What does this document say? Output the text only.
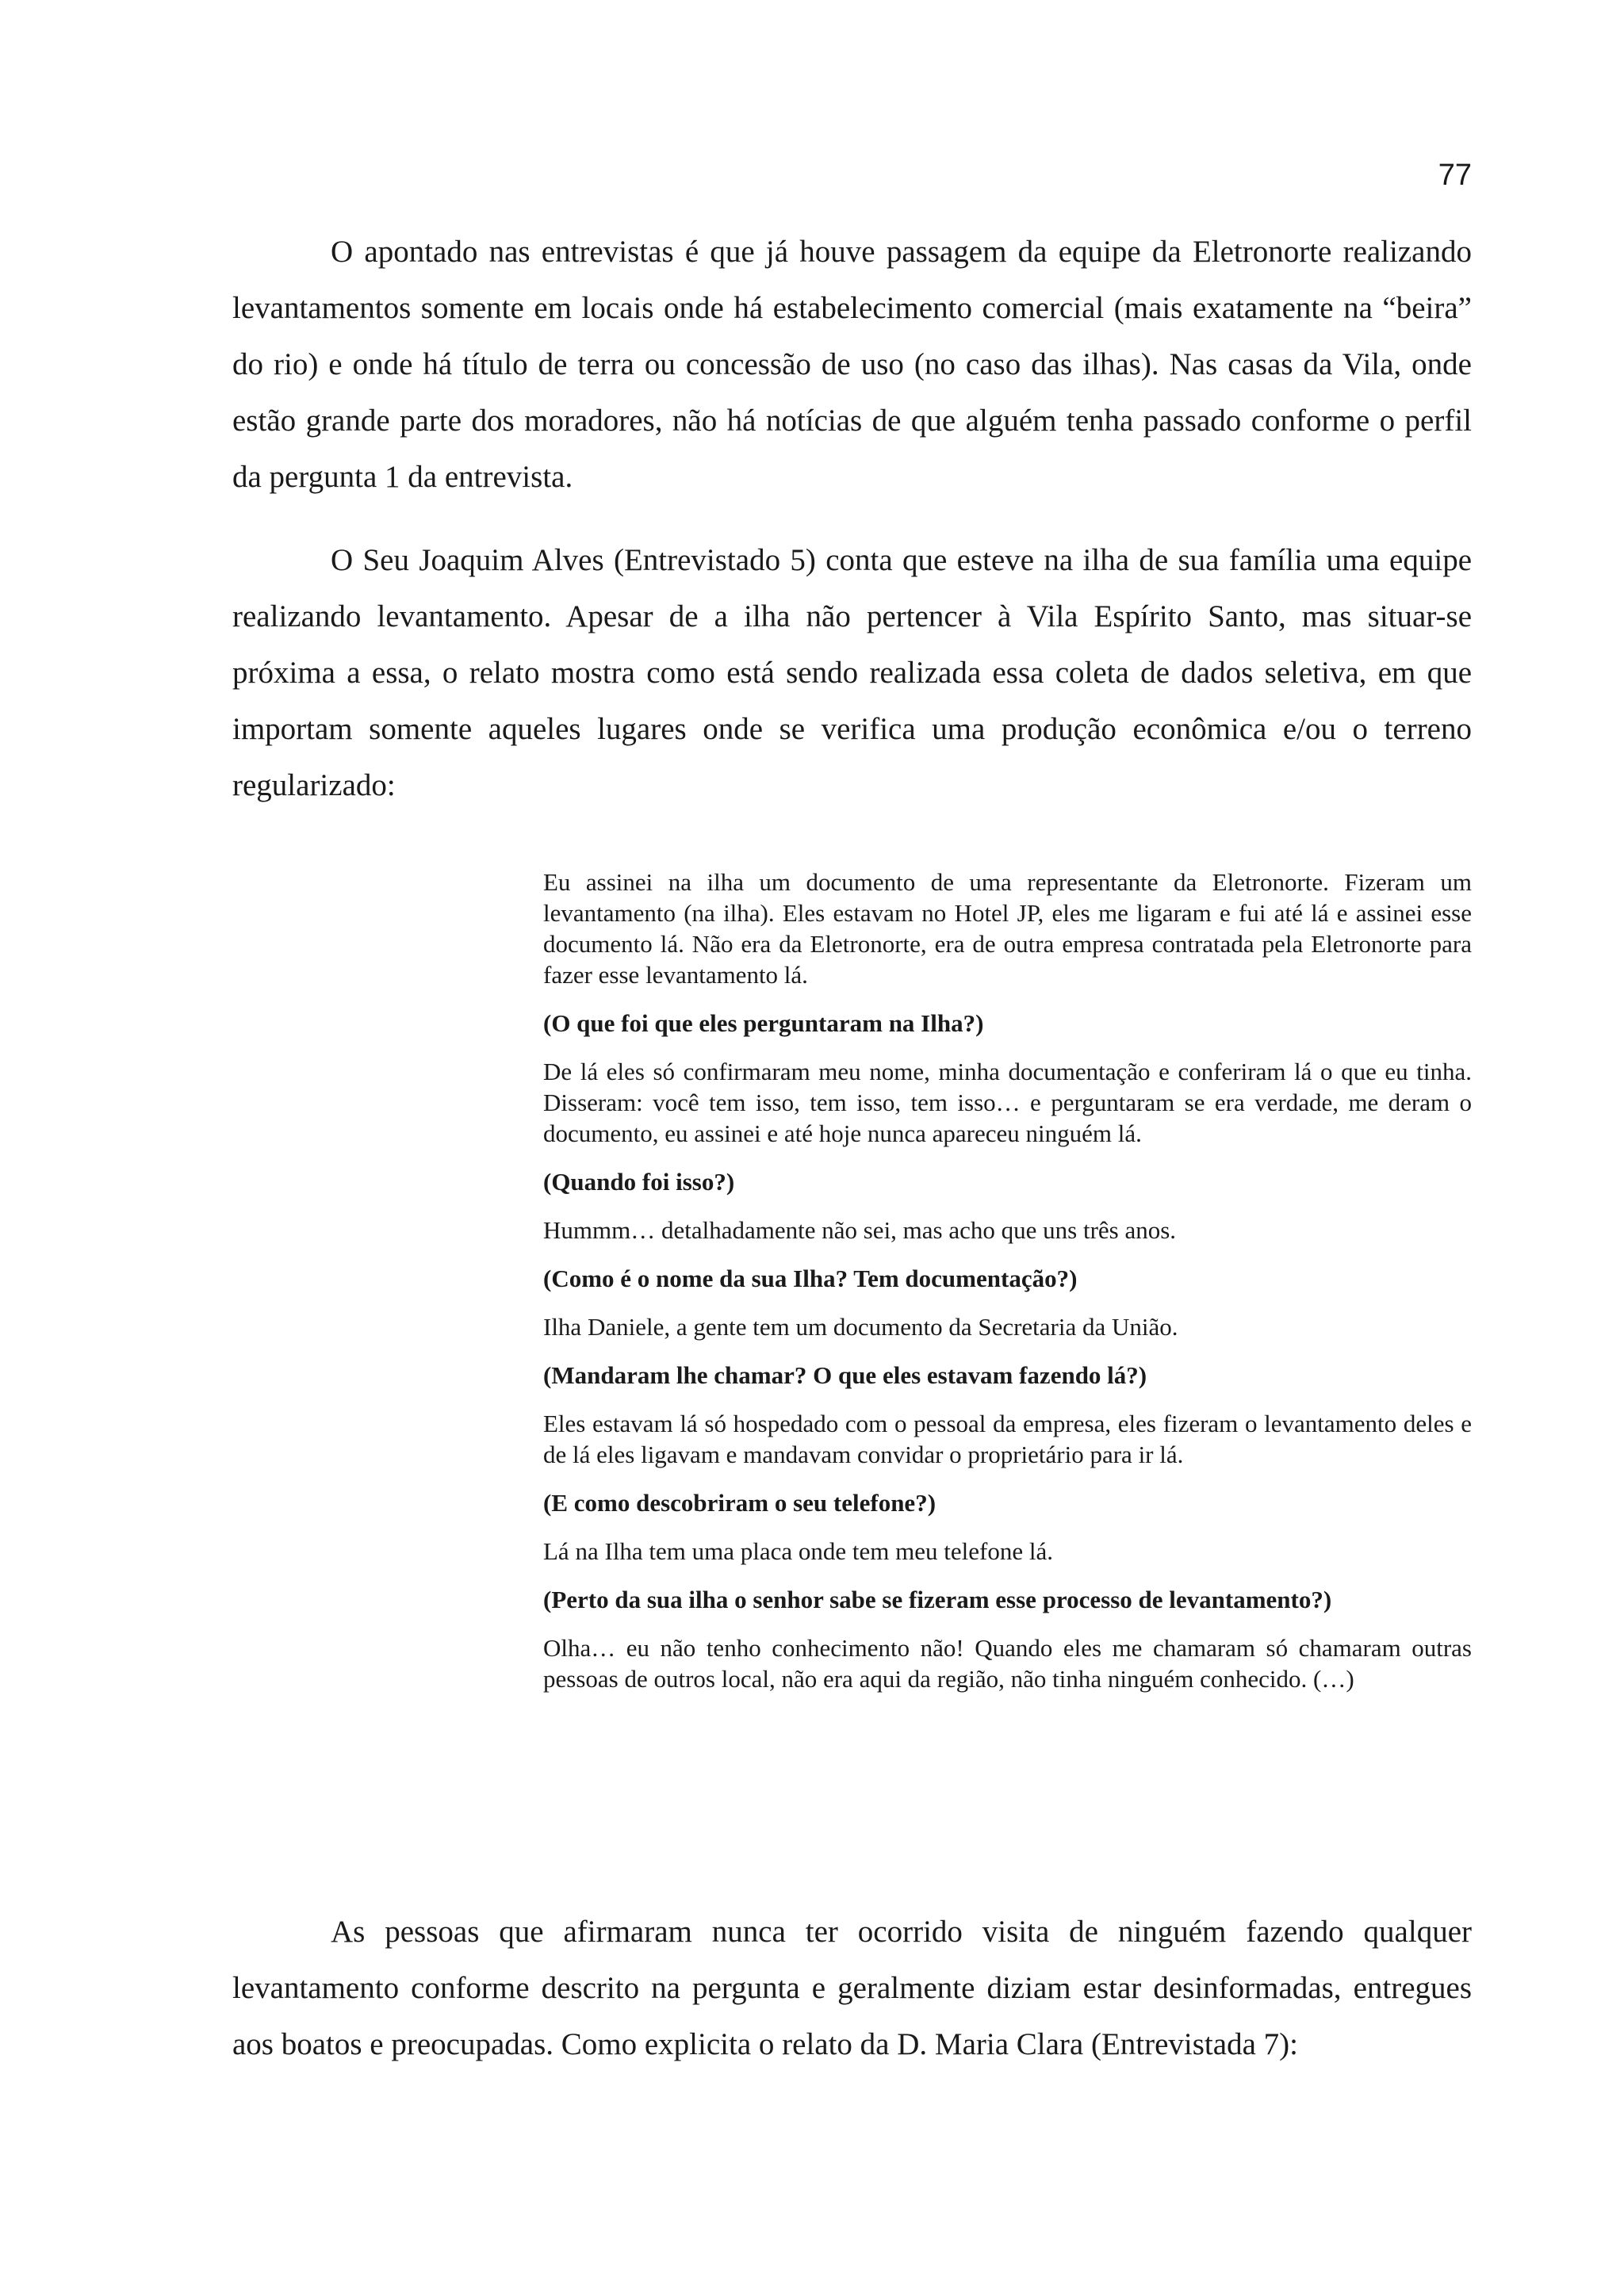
77

O apontado nas entrevistas é que já houve passagem da equipe da Eletronorte realizando levantamentos somente em locais onde há estabelecimento comercial (mais exatamente na “beira” do rio) e onde há título de terra ou concessão de uso (no caso das ilhas). Nas casas da Vila, onde estão grande parte dos moradores, não há notícias de que alguém tenha passado conforme o perfil da pergunta 1 da entrevista.

O Seu Joaquim Alves (Entrevistado 5) conta que esteve na ilha de sua família uma equipe realizando levantamento. Apesar de a ilha não pertencer à Vila Espírito Santo, mas situar-se próxima a essa, o relato mostra como está sendo realizada essa coleta de dados seletiva, em que importam somente aqueles lugares onde se verifica uma produção econômica e/ou o terreno regularizado:

Eu assinei na ilha um documento de uma representante da Eletronorte. Fizeram um levantamento (na ilha). Eles estavam no Hotel JP, eles me ligaram e fui até lá e assinei esse documento lá. Não era da Eletronorte, era de outra empresa contratada pela Eletronorte para fazer esse levantamento lá.

(O que foi que eles perguntaram na Ilha?)

De lá eles só confirmaram meu nome, minha documentação e conferiram lá o que eu tinha. Disseram: você tem isso, tem isso, tem isso… e perguntaram se era verdade, me deram o documento, eu assinei e até hoje nunca apareceu ninguém lá.

(Quando foi isso?)

Hummm… detalhadamente não sei, mas acho que uns três anos.

(Como é o nome da sua Ilha? Tem documentação?)

Ilha Daniele, a gente tem um documento da Secretaria da União.

(Mandaram lhe chamar? O que eles estavam fazendo lá?)

Eles estavam lá só hospedado com o pessoal da empresa, eles fizeram o levantamento deles e de lá eles ligavam e mandavam convidar o proprietário para ir lá.

(E como descobriram o seu telefone?)

Lá na Ilha tem uma placa onde tem meu telefone lá.

(Perto da sua ilha o senhor sabe se fizeram esse processo de levantamento?)

Olha… eu não tenho conhecimento não! Quando eles me chamaram só chamaram outras pessoas de outros local, não era aqui da região, não tinha ninguém conhecido. (…)

As pessoas que afirmaram nunca ter ocorrido visita de ninguém fazendo qualquer levantamento conforme descrito na pergunta e geralmente diziam estar desinformadas, entregues aos boatos e preocupadas. Como explicita o relato da D. Maria Clara (Entrevistada 7):
